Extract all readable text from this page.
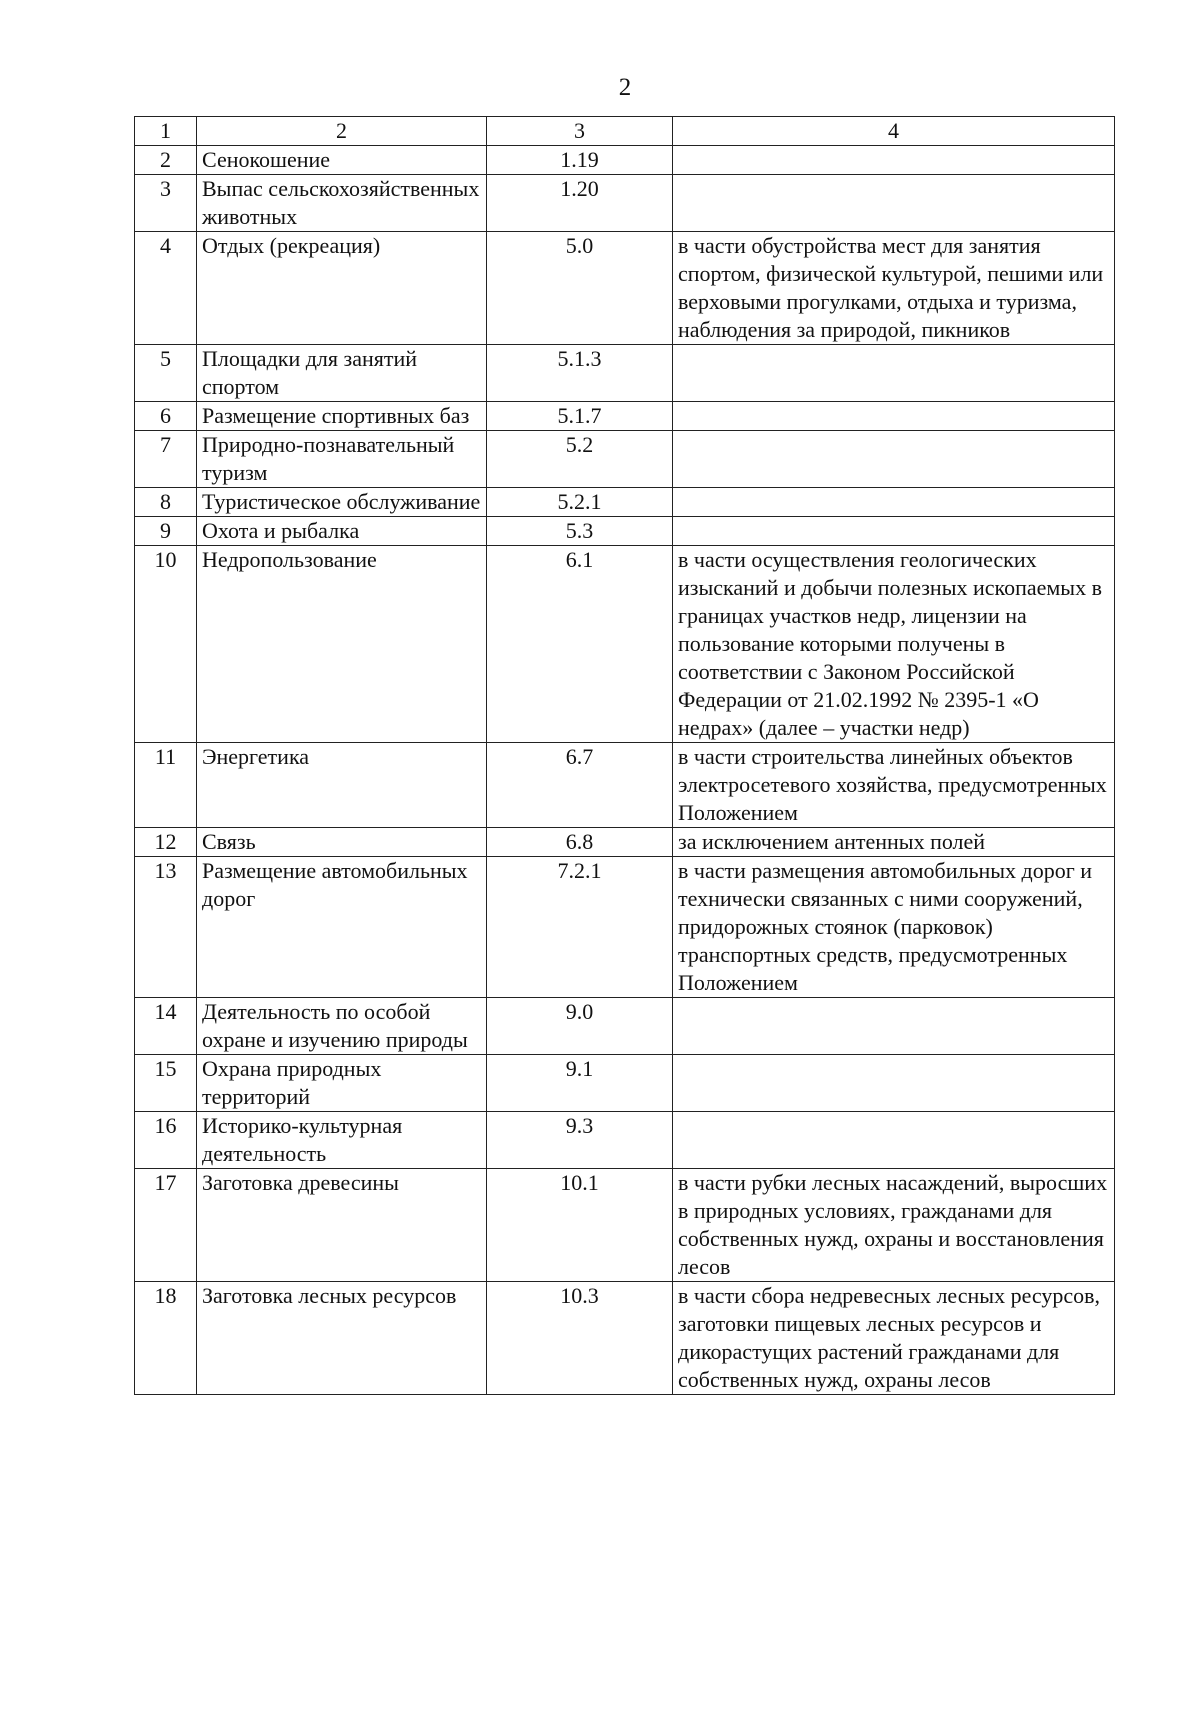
2
1	2	3	4
2	Сенокошение	1.19	
3	Выпас сельскохозяйственных животных	1.20	
4	Отдых (рекреация)	5.0	в части обустройства мест для занятия спортом, физической культурой, пешими или верховыми прогулками, отдыха и туризма, наблюдения за природой, пикников
5	Площадки для занятий спортом	5.1.3	
6	Размещение спортивных баз	5.1.7	
7	Природно-познавательный туризм	5.2	
8	Туристическое обслуживание	5.2.1	
9	Охота и рыбалка	5.3	
10	Недропользование	6.1	в части осуществления геологических изысканий и добычи полезных ископаемых в границах участков недр, лицензии на пользование которыми получены в соответствии с Законом Российской Федерации от 21.02.1992 № 2395-1 «О недрах» (далее – участки недр)
11	Энергетика	6.7	в части строительства линейных объектов электросетевого хозяйства, предусмотренных Положением
12	Связь	6.8	за исключением антенных полей
13	Размещение автомобильных дорог	7.2.1	в части размещения автомобильных дорог и технически связанных с ними сооружений, придорожных стоянок (парковок) транспортных средств, предусмотренных Положением
14	Деятельность по особой охране и изучению природы	9.0	
15	Охрана природных территорий	9.1	
16	Историко-культурная деятельность	9.3	
17	Заготовка древесины	10.1	в части рубки лесных насаждений, выросших в природных условиях, гражданами для собственных нужд, охраны и восстановления лесов
18	Заготовка лесных ресурсов	10.3	в части сбора недревесных лесных ресурсов, заготовки пищевых лесных ресурсов и дикорастущих растений гражданами для собственных нужд, охраны лесов
